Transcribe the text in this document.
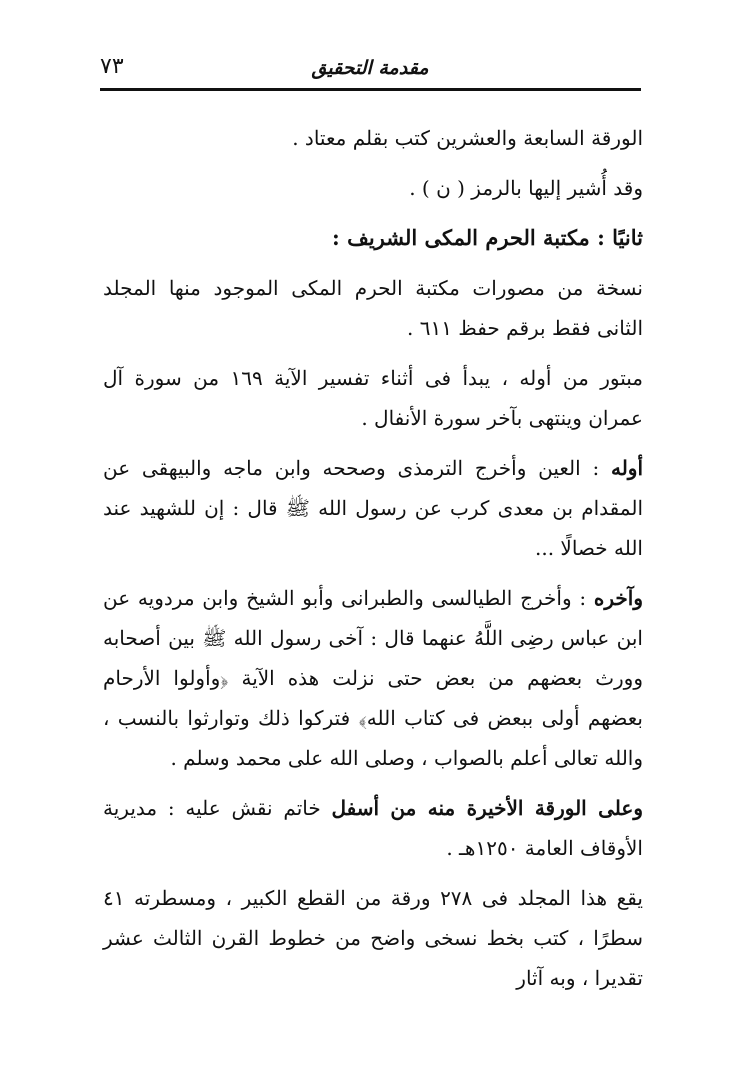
٧٣	مقدمة التحقيق

الورقة السابعة والعشرين كتب بقلم معتاد .

وقد أُشير إليها بالرمز ( ن ) .

ثانيًا : مكتبة الحرم المكى الشريف :

نسخة من مصورات مكتبة الحرم المكى الموجود منها المجلد الثانى فقط برقم حفظ ٦١١ .

مبتور من أوله ، يبدأ فى أثناء تفسير الآية ١٦٩ من سورة آل عمران وينتهى بآخر سورة الأنفال .

أوله : العين وأخرج الترمذى وصححه وابن ماجه والبيهقى عن المقدام بن معدى كرب عن رسول الله ﷺ قال : إن للشهيد عند الله خصالًا ...

وآخره : وأخرج الطيالسى والطبرانى وأبو الشيخ وابن مردويه عن ابن عباس رضِى اللَّهُ عنهما قال : آخى رسول الله ﷺ بين أصحابه وورث بعضهم من بعض حتى نزلت هذه الآية ﴿وأولوا الأرحام بعضهم أولى ببعض فى كتاب الله﴾ فتركوا ذلك وتوارثوا بالنسب ، والله تعالى أعلم بالصواب ، وصلى الله على محمد وسلم .

وعلى الورقة الأخيرة منه من أسفل خاتم نقش عليه : مديرية الأوقاف العامة ١٢٥٠هـ .

يقع هذا المجلد فى ٢٧٨ ورقة من القطع الكبير ، ومسطرته ٤١ سطرًا ، كتب بخط نسخى واضح من خطوط القرن الثالث عشر تقديرا ، وبه آثار
